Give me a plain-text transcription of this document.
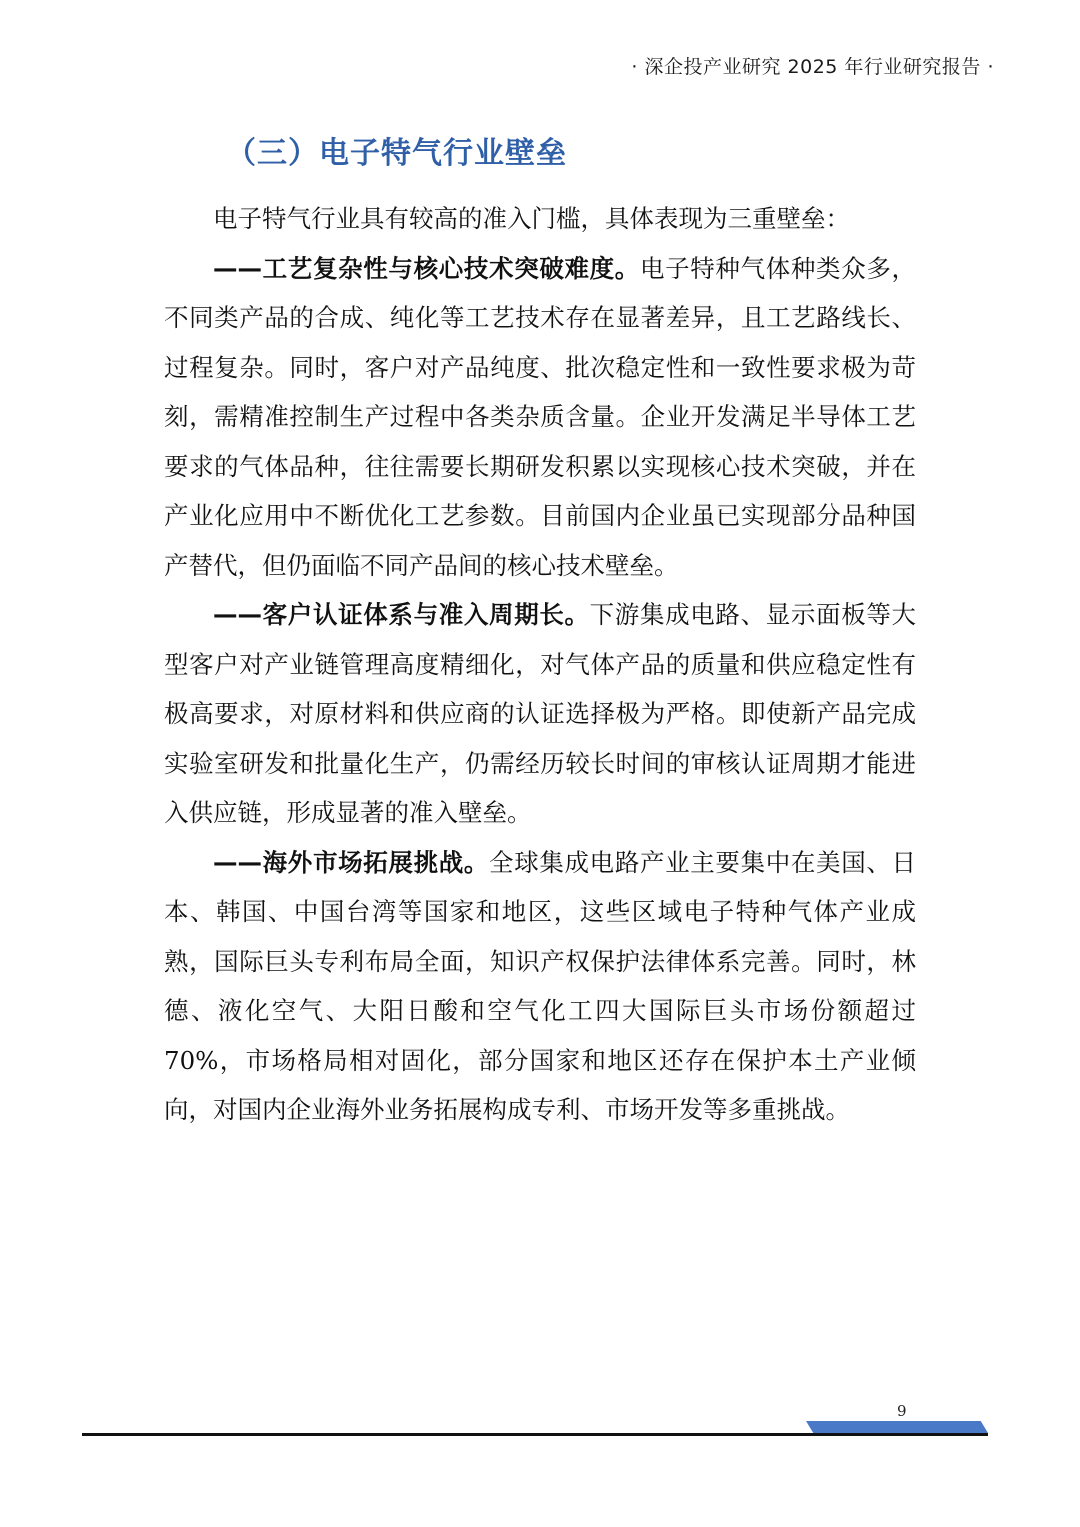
· 深企投产业研究 2025 年行业研究报告 ·
（三）电子特气行业壁垒

电子特气行业具有较高的准入门槛，具体表现为三重壁垒：

——工艺复杂性与核心技术突破难度。电子特种气体种类众多，不同类产品的合成、纯化等工艺技术存在显著差异，且工艺路线长、过程复杂。同时，客户对产品纯度、批次稳定性和一致性要求极为苛刻，需精准控制生产过程中各类杂质含量。企业开发满足半导体工艺要求的气体品种，往往需要长期研发积累以实现核心技术突破，并在产业化应用中不断优化工艺参数。目前国内企业虽已实现部分品种国产替代，但仍面临不同产品间的核心技术壁垒。

——客户认证体系与准入周期长。下游集成电路、显示面板等大型客户对产业链管理高度精细化，对气体产品的质量和供应稳定性有极高要求，对原材料和供应商的认证选择极为严格。即使新产品完成实验室研发和批量化生产，仍需经历较长时间的审核认证周期才能进入供应链，形成显著的准入壁垒。

——海外市场拓展挑战。全球集成电路产业主要集中在美国、日本、韩国、中国台湾等国家和地区，这些区域电子特种气体产业成熟，国际巨头专利布局全面，知识产权保护法律体系完善。同时，林德、液化空气、大阳日酸和空气化工四大国际巨头市场份额超过 70%，市场格局相对固化，部分国家和地区还存在保护本土产业倾向，对国内企业海外业务拓展构成专利、市场开发等多重挑战。

9
